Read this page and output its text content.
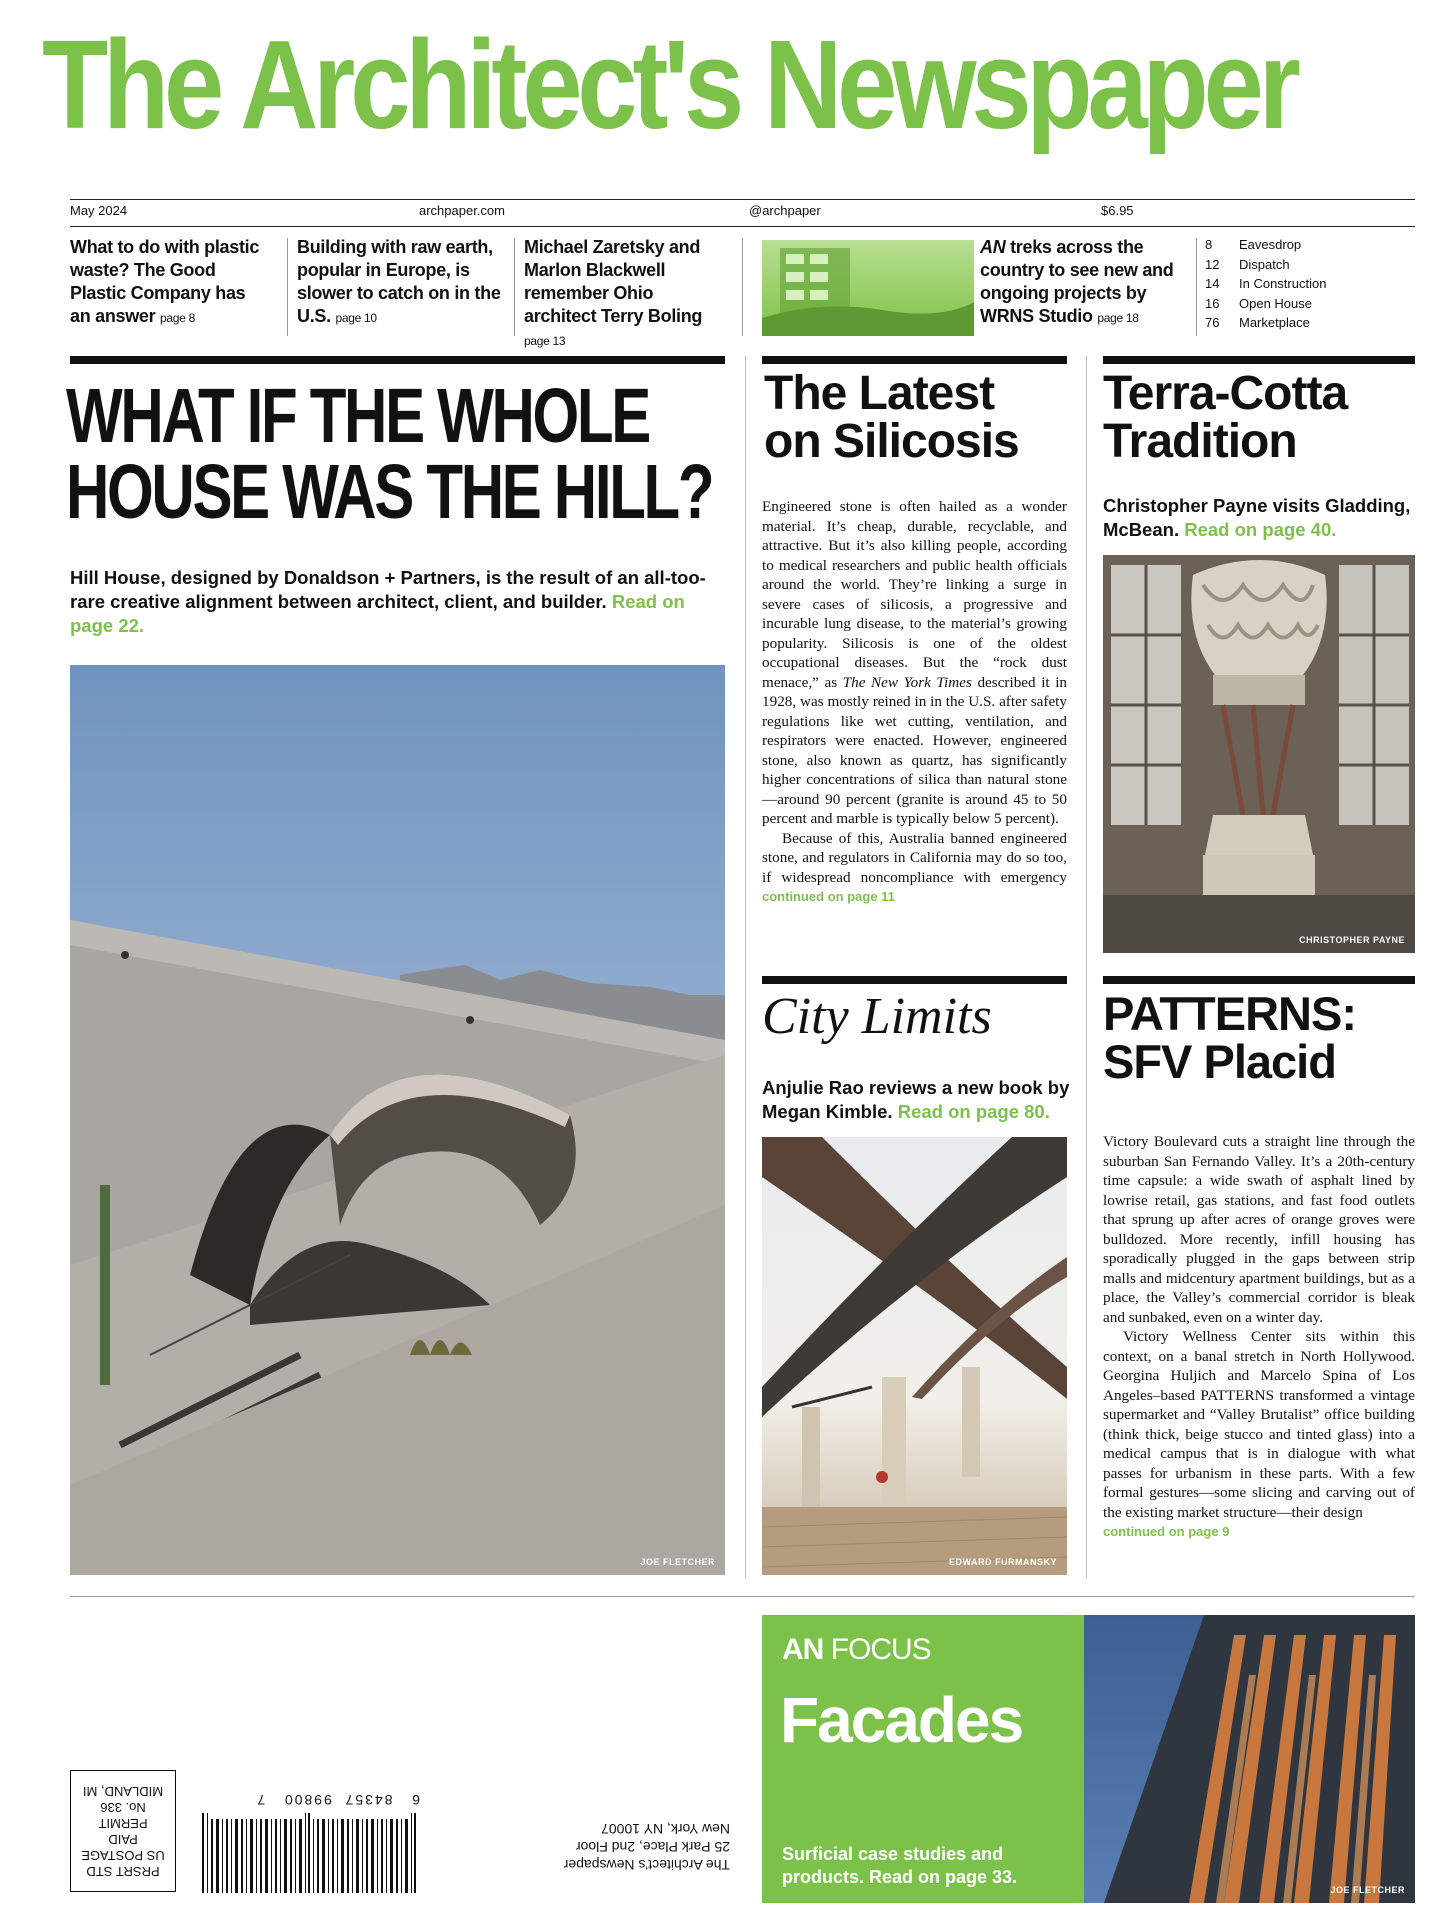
The Architect's Newspaper
May 2024	archpaper.com	@archpaper	$6.95
What to do with plastic waste? The Good Plastic Company has an answer page 8
Building with raw earth, popular in Europe, is slower to catch on in the U.S. page 10
Michael Zaretsky and Marlon Blackwell remember Ohio architect Terry Boling page 13
AN treks across the country to see new and ongoing projects by WRNS Studio page 18
8 Eavesdrop
12 Dispatch
14 In Construction
16 Open House
76 Marketplace
WHAT IF THE WHOLE
HOUSE WAS THE HILL?
Hill House, designed by Donaldson + Partners, is the result of an all-too-rare creative alignment between architect, client, and builder. Read on page 22.
JOE FLETCHER
The Latest
on Silicosis
Engineered stone is often hailed as a wonder material. It’s cheap, durable, recyclable, and attractive. But it’s also killing people, according to medical researchers and public health officials around the world. They’re linking a surge in severe cases of silicosis, a progressive and incurable lung disease, to the material’s growing popularity. Silicosis is one of the oldest occupational diseases. But the “rock dust menace,” as The New York Times described it in 1928, was mostly reined in in the U.S. after safety regulations like wet cutting, ventilation, and respirators were enacted. However, engineered stone, also known as quartz, has significantly higher concentrations of silica than natural stone—around 90 percent (granite is around 45 to 50 percent and marble is typically below 5 percent).
Because of this, Australia banned engineered stone, and regulators in California may do so too, if widespread noncompliance with emergency continued on page 11
Terra-Cotta
Tradition
Christopher Payne visits Gladding, McBean. Read on page 40.
CHRISTOPHER PAYNE
City Limits
Anjulie Rao reviews a new book by Megan Kimble. Read on page 80.
EDWARD FURMANSKY
PATTERNS:
SFV Placid
Victory Boulevard cuts a straight line through the suburban San Fernando Valley. It’s a 20th-century time capsule: a wide swath of asphalt lined by lowrise retail, gas stations, and fast food outlets that sprung up after acres of orange groves were bulldozed. More recently, infill housing has sporadically plugged in the gaps between strip malls and midcentury apartment buildings, but as a place, the Valley’s commercial corridor is bleak and sunbaked, even on a winter day.
Victory Wellness Center sits within this context, on a banal stretch in North Hollywood. Georgina Huljich and Marcelo Spina of Los Angeles–based PATTERNS transformed a vintage supermarket and “Valley Brutalist” office building (think thick, beige stucco and tinted glass) into a medical campus that is in dialogue with what passes for urbanism in these parts. With a few formal gestures—some slicing and carving out of the existing market structure—their design
continued on page 9
AN FOCUS
Facades
Surficial case studies and products. Read on page 33.
JOE FLETCHER
PRSRT STD
US POSTAGE
PAID
PERMIT
No. 336
MIDLAND, MI
6   84357  99800   7
The Architect’s Newspaper
25 Park Place, 2nd Floor
New York, NY 10007
